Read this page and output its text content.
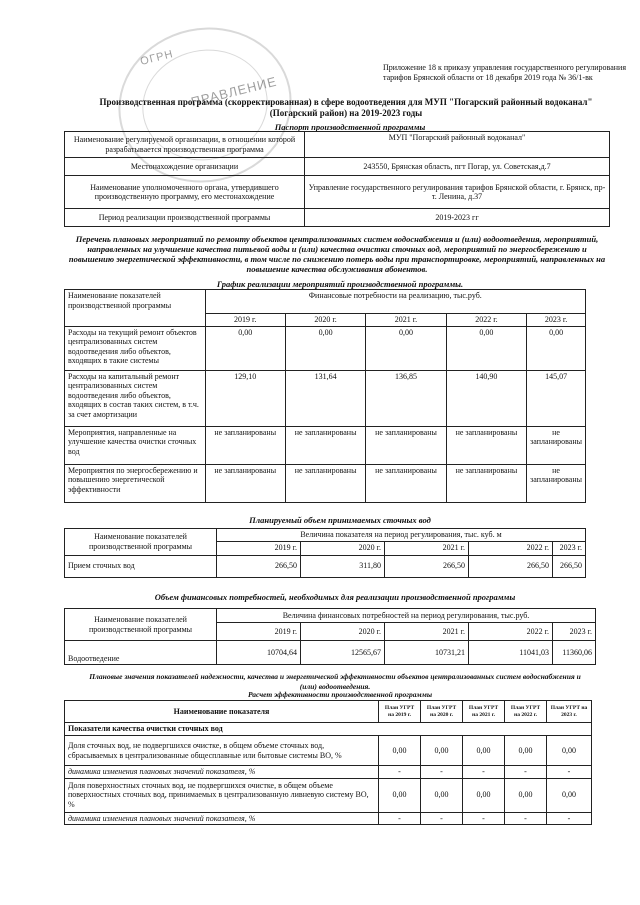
ОГРН
ПРАВЛЕНИЕ
Приложение 18 к приказу управления государственного регулирования тарифов Брянской области от 18 декабря 2019 года № 36/1-вк
Производственная программа (скорректированная) в сфере водоотведения для МУП "Погарский районный водоканал"
(Погарский район) на 2019-2023 годы
Паспорт производственной программы
Наименование регулируемой организации, в отношении которой разрабатывается производственная программа	МУП "Погарский районный водоканал"
Местонахождение организации	243550, Брянская область, пгт Погар, ул. Советская,д.7
Наименование уполномоченного органа, утвердившего производственную программу, его местонахождение	Управление государственного регулирования тарифов Брянской области, г. Брянск, пр-т. Ленина, д.37
Период реализации производственной программы	2019-2023 гг
Перечень плановых мероприятий по ремонту объектов централизованных систем водоснабжения и (или) водоотведения, мероприятий, направленных на улучшение качества питьевой воды и (или) качества очистки сточных вод, мероприятий по энергосбережению и повышению энергетической эффективности, в том числе по снижению потерь воды при транспортировке, мероприятий, направленных на повышение качества обслуживания абонентов.
График реализации мероприятий производственной программы.
Наименование показателей производственной программы	Финансовые потребности на реализацию, тыс.руб.				
	2019 г.	2020 г.	2021 г.	2022 г.	2023 г.
Расходы на текущий ремонт объектов централизованных систем водоотведения либо объектов, входящих в такие системы	0,00	0,00	0,00	0,00	0,00
Расходы на капитальный ремонт централизованных систем водоотведения либо объектов, входящих в состав таких систем, в т.ч. за счет амортизации	129,10	131,64	136,85	140,90	145,07
Мероприятия, направленные на улучшение качества очистки сточных вод	не запланированы	не запланированы	не запланированы	не запланированы	не запланированы
Мероприятия по энергосбережению и повышению энергетической эффективности	не запланированы	не запланированы	не запланированы	не запланированы	не запланированы
Планируемый объем принимаемых сточных вод
Наименование показателей производственной программы	Величина показателя на период регулирования, тыс. куб. м				
	2019 г.	2020 г.	2021 г.	2022 г.	2023 г.
Прием сточных вод	266,50	311,80	266,50	266,50	266,50
Объем финансовых потребностей, необходимых для реализации производственной программы
Наименование показателей производственной программы	Величина финансовых потребностей на период регулирования, тыс.руб.				
	2019 г.	2020 г.	2021 г.	2022 г.	2023 г.
Водоотведение	10704,64	12565,67	10731,21	11041,03	11360,06
Плановые значения показателей надежности, качества и энергетической эффективности объектов централизованных систем водоснабжения и (или) водоотведения.
Расчет эффективности производственной программы
Наименование показателя	План УГРТ на 2019 г.	План УГРТ на 2020 г.	План УГРТ на 2021 г.	План УГРТ на 2022 г.	План УГРТ на 2023 г.
Показатели качества очистки сточных вод					
Доля сточных вод, не подвергшихся очистке, в общем объеме сточных вод, сбрасываемых в централизованные общесплавные или бытовые системы ВО, %	0,00	0,00	0,00	0,00	0,00
динамика изменения плановых значений показателя, %	-	-	-	-	-
Доля поверхностных сточных вод, не подвергшихся очистке, в общем объеме поверхностных сточных вод, принимаемых в централизованную ливневую систему ВО, %	0,00	0,00	0,00	0,00	0,00
динамика изменения плановых значений показателя, %	-	-	-	-	-
